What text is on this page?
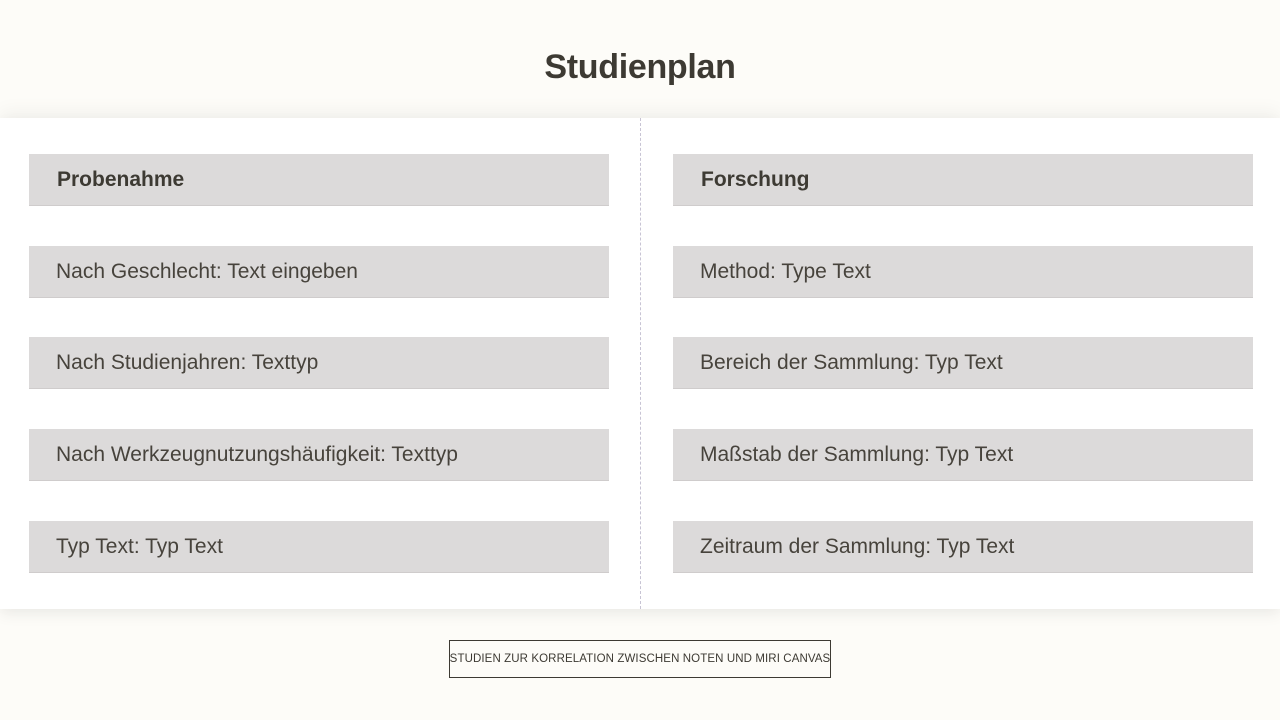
Studienplan
Probenahme
Nach Geschlecht: Text eingeben
Nach Studienjahren: Texttyp
Nach Werkzeugnutzungshäufigkeit: Texttyp
Typ Text: Typ Text
Forschung
Method: Type Text
Bereich der Sammlung: Typ Text
Maßstab der Sammlung: Typ Text
Zeitraum der Sammlung: Typ Text
STUDIEN ZUR KORRELATION ZWISCHEN NOTEN UND MIRI CANVAS
